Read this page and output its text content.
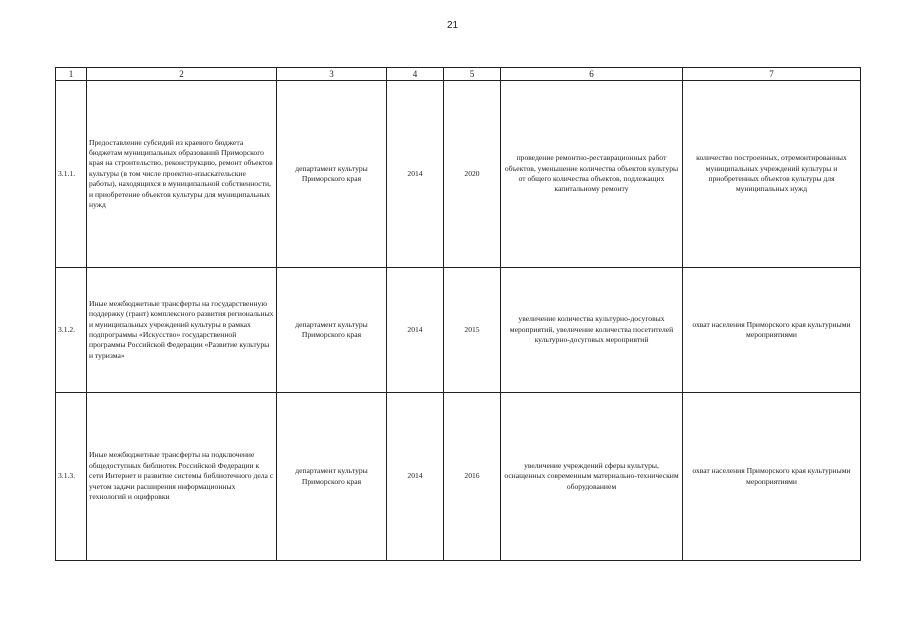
21
1	2	3	4	5	6	7
3.1.1.	Предоставление субсидий из краевого бюджета бюджетам муниципальных образований Приморского края на строительство, реконструкцию, ремонт объектов культуры (в том числе проектно-изыскательские работы), находящихся в муниципальной собственности, и приобретение объектов культуры для муниципальных нужд	департамент культуры Приморского края	2014	2020	проведение ремонтно-реставрационных работ объектов, уменьшение количества объектов культуры от общего количества объектов, подлежащих капитальному ремонту	количество построенных, отремонтированных муниципальных учреждений культуры и приобретенных объектов культуры для муниципальных нужд
3.1.2.	Иные межбюджетные трансферты на государственную поддержку (грант) комплексного развития региональных и муниципальных учреждений культуры в рамках подпрограммы «Искусство» государственной программы Российской Федерации «Развитие культуры и туризма»	департамент культуры Приморского края	2014	2015	увеличение количества культурно-досуговых мероприятий, увеличение количества посетителей культурно-досуговых мероприятий	охват населения Приморского края культурными мероприятиями
3.1.3.	Иные межбюджетные трансферты на подключение общедоступных библиотек Российской Федерации к сети Интернет и развитие системы библиотечного дела с учетом задачи расширения информационных технологий и оцифровки	департамент культуры Приморского края	2014	2016	увеличение учреждений сферы культуры, оснащенных современным материально-техническим оборудованием	охват населения Приморского края культурными мероприятиями
